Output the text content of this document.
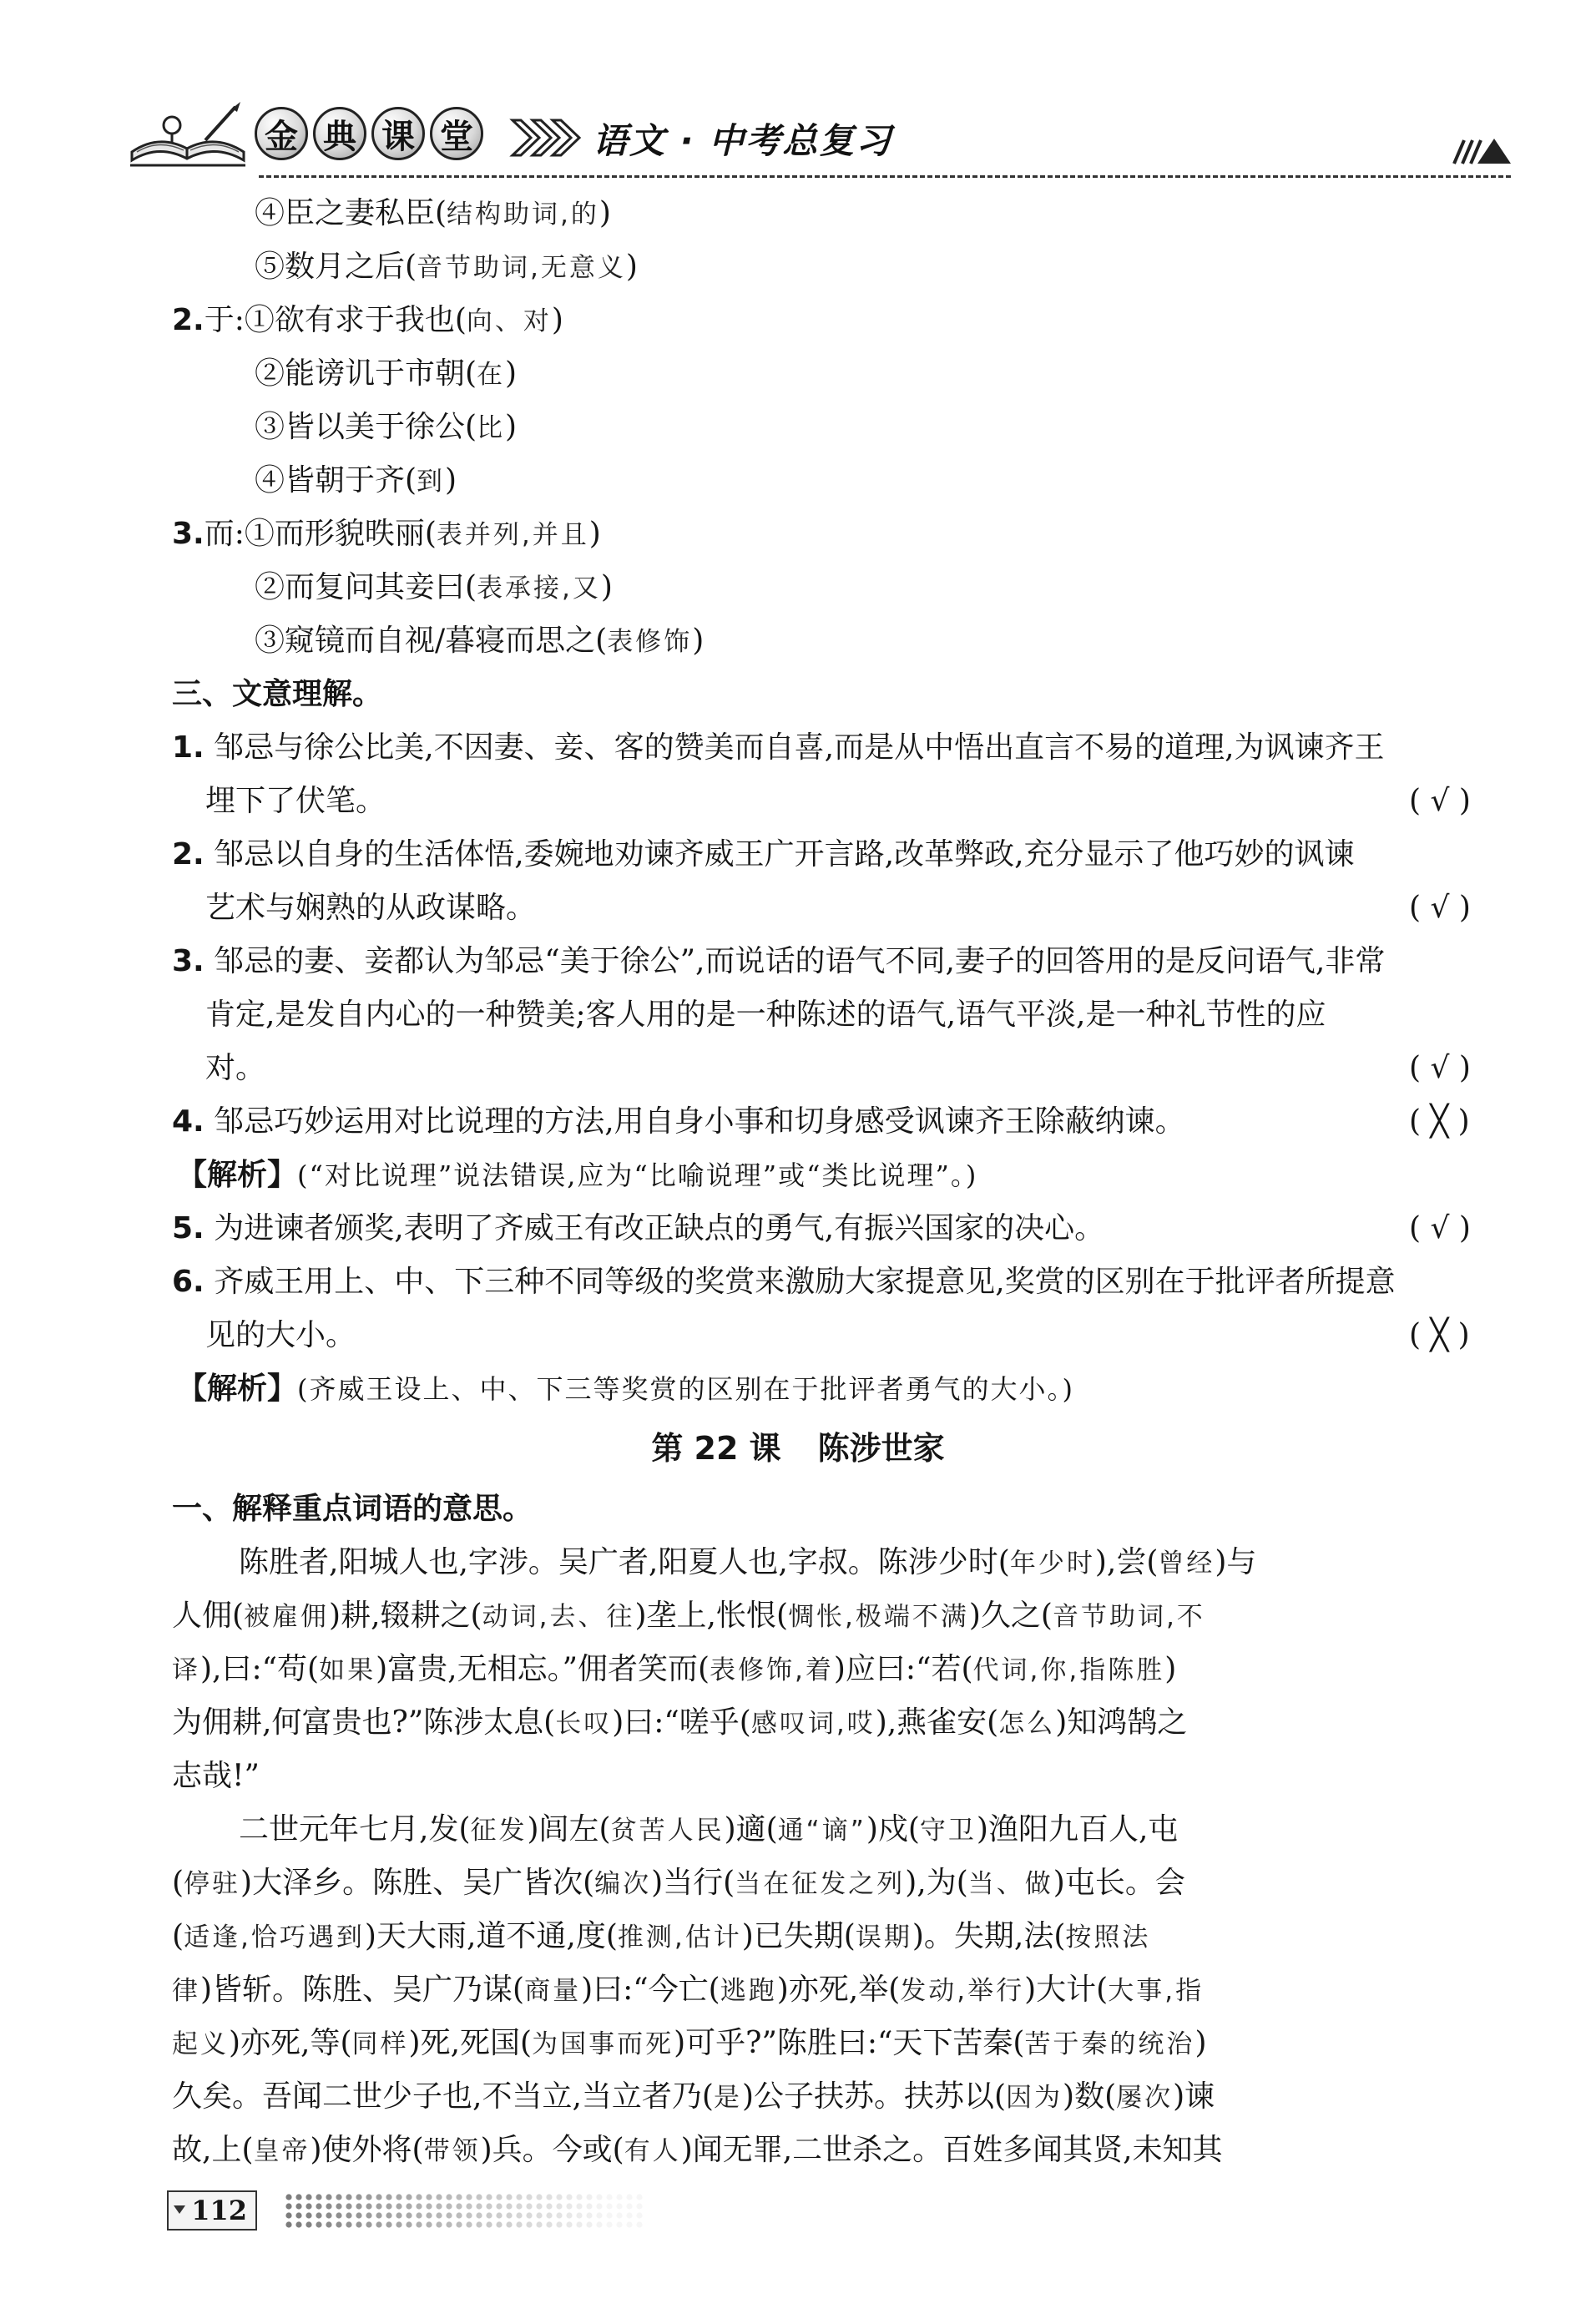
金 典 课 堂	语文 · 中考总复习
④臣之妻私臣(结构助词,的)
⑤数月之后(音节助词,无意义)
2.于:①欲有求于我也(向、对)
②能谤讥于市朝(在)
③皆以美于徐公(比)
④皆朝于齐(到)
3.而:①而形貌昳丽(表并列,并且)
②而复问其妾曰(表承接,又)
③窥镜而自视/暮寝而思之(表修饰)
三、文意理解。
1. 邹忌与徐公比美,不因妻、妾、客的赞美而自喜,而是从中悟出直言不易的道理,为讽谏齐王
埋下了伏笔。	( √ )
2. 邹忌以自身的生活体悟,委婉地劝谏齐威王广开言路,改革弊政,充分显示了他巧妙的讽谏
艺术与娴熟的从政谋略。	( √ )
3. 邹忌的妻、妾都认为邹忌“美于徐公”,而说话的语气不同,妻子的回答用的是反问语气,非常
肯定,是发自内心的一种赞美;客人用的是一种陈述的语气,语气平淡,是一种礼节性的应
对。	( √ )
4. 邹忌巧妙运用对比说理的方法,用自身小事和切身感受讽谏齐王除蔽纳谏。	( ╳ )
【解析】(“对比说理”说法错误,应为“比喻说理”或“类比说理”。)
5. 为进谏者颁奖,表明了齐威王有改正缺点的勇气,有振兴国家的决心。	( √ )
6. 齐威王用上、中、下三种不同等级的奖赏来激励大家提意见,奖赏的区别在于批评者所提意
见的大小。	( ╳ )
【解析】(齐威王设上、中、下三等奖赏的区别在于批评者勇气的大小。)
第 22 课 陈涉世家
一、解释重点词语的意思。
陈胜者,阳城人也,字涉。吴广者,阳夏人也,字叔。陈涉少时(年少时),尝(曾经)与
人佣(被雇佣)耕,辍耕之(动词,去、往)垄上,怅恨(惆怅,极端不满)久之(音节助词,不
译),曰:“苟(如果)富贵,无相忘。”佣者笑而(表修饰,着)应曰:“若(代词,你,指陈胜)
为佣耕,何富贵也?”陈涉太息(长叹)曰:“嗟乎(感叹词,哎),燕雀安(怎么)知鸿鹄之
志哉!”
二世元年七月,发(征发)闾左(贫苦人民)適(通“谪”)戍(守卫)渔阳九百人,屯
(停驻)大泽乡。陈胜、吴广皆次(编次)当行(当在征发之列),为(当、做)屯长。会
(适逢,恰巧遇到)天大雨,道不通,度(推测,估计)已失期(误期)。失期,法(按照法
律)皆斩。陈胜、吴广乃谋(商量)曰:“今亡(逃跑)亦死,举(发动,举行)大计(大事,指
起义)亦死,等(同样)死,死国(为国事而死)可乎?”陈胜曰:“天下苦秦(苦于秦的统治)
久矣。吾闻二世少子也,不当立,当立者乃(是)公子扶苏。扶苏以(因为)数(屡次)谏
故,上(皇帝)使外将(带领)兵。今或(有人)闻无罪,二世杀之。百姓多闻其贤,未知其
112
